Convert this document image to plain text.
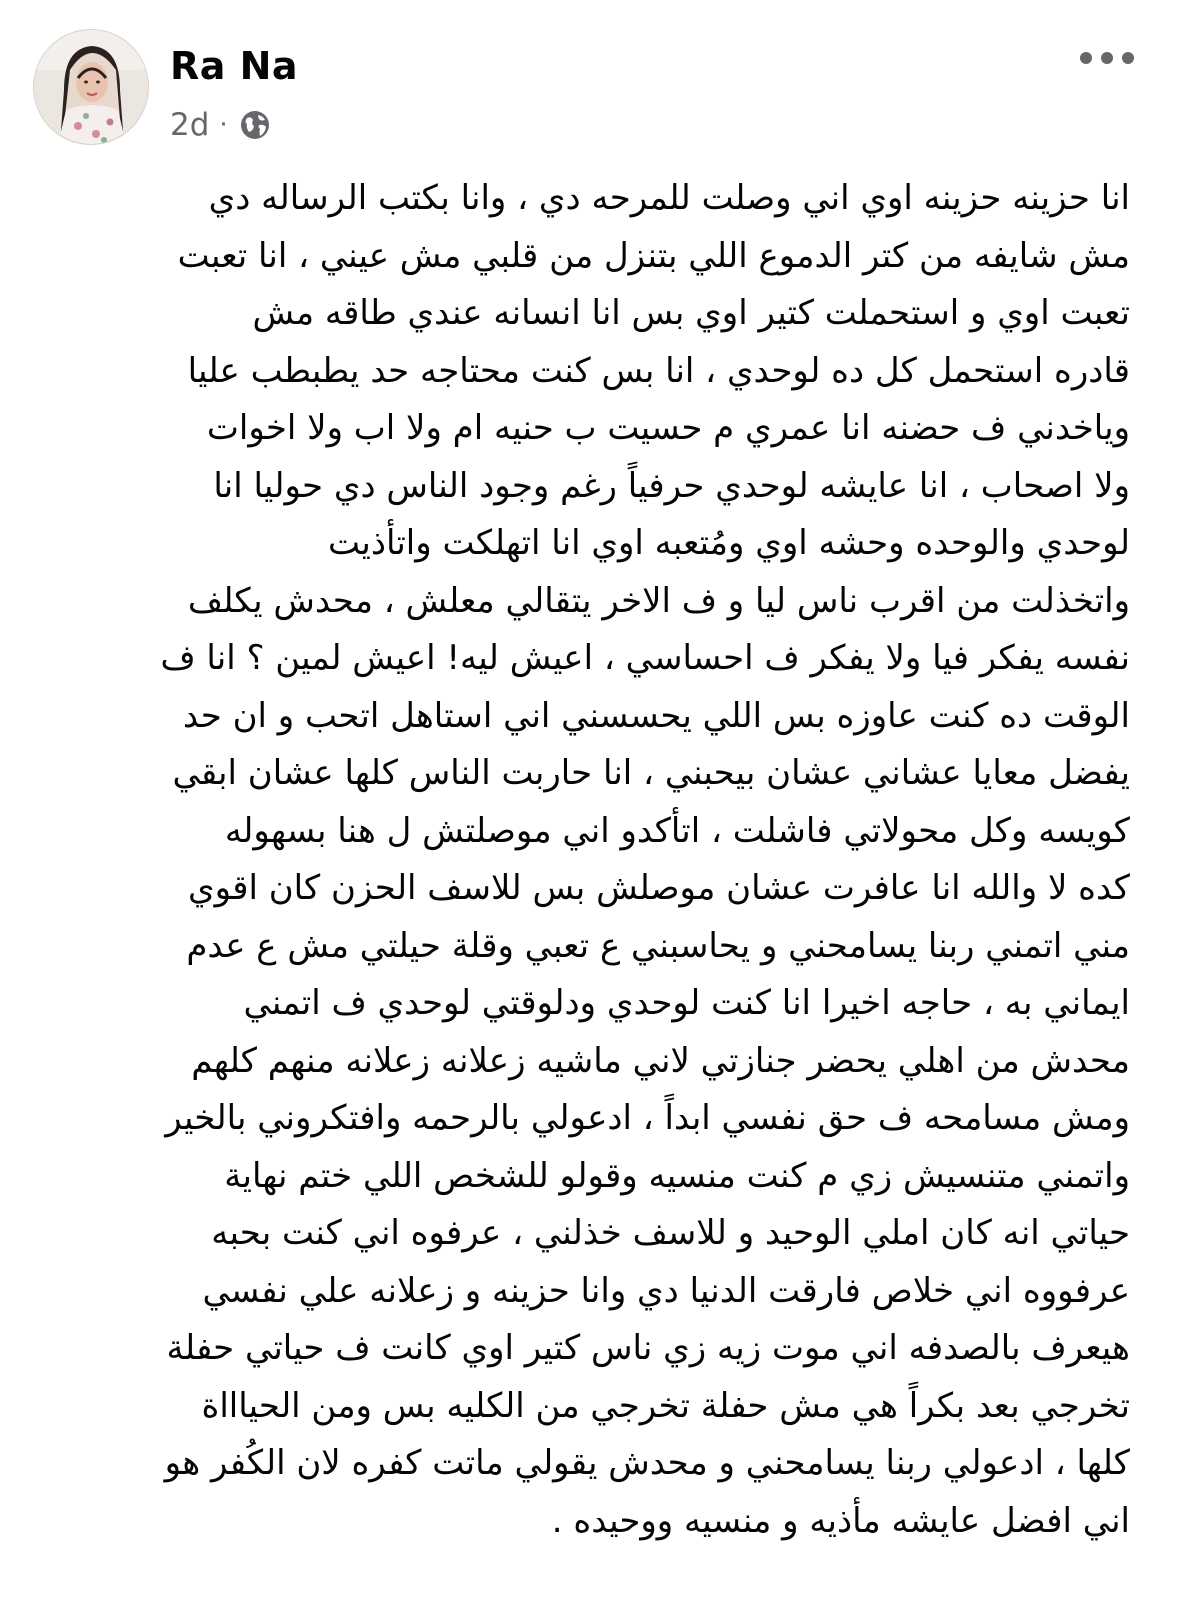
Ra Na
2d ·
انا حزينه حزينه اوي اني وصلت للمرحه دي ، وانا بكتب الرساله دي
مش شايفه من كتر الدموع اللي بتنزل من قلبي مش عيني ، انا تعبت
تعبت اوي و استحملت كتير اوي بس انا انسانه عندي طاقه مش
قادره استحمل كل ده لوحدي ، انا بس كنت محتاجه حد يطبطب عليا
وياخدني ف حضنه انا عمري م حسيت ب حنيه ام ولا اب ولا اخوات
ولا اصحاب ، انا عايشه لوحدي حرفياً رغم وجود الناس دي حوليا انا
لوحدي والوحده وحشه اوي ومُتعبه اوي انا اتهلكت واتأذيت
واتخذلت من اقرب ناس ليا و ف الاخر يتقالي معلش ، محدش يكلف
نفسه يفكر فيا ولا يفكر ف احساسي ، اعيش ليه! اعيش لمين ؟ انا ف
الوقت ده كنت عاوزه بس اللي يحسسني اني استاهل اتحب و ان حد
يفضل معايا عشاني عشان بيحبني ، انا حاربت الناس كلها عشان ابقي
كويسه وكل محولاتي فاشلت ، اتأكدو اني موصلتش ل هنا بسهوله
كده لا والله انا عافرت عشان موصلش بس للاسف الحزن كان اقوي
مني اتمني ربنا يسامحني و يحاسبني ع تعبي وقلة حيلتي مش ع عدم
ايماني به ، حاجه اخيرا انا كنت لوحدي ودلوقتي لوحدي ف اتمني
محدش من اهلي يحضر جنازتي لاني ماشيه زعلانه زعلانه منهم كلهم
ومش مسامحه ف حق نفسي ابداً ، ادعولي بالرحمه وافتكروني بالخير
واتمني متنسيش زي م كنت منسيه وقولو للشخص اللي ختم نهاية
حياتي انه كان املي الوحيد و للاسف خذلني ، عرفوه اني كنت بحبه
عرفووه اني خلاص فارقت الدنيا دي وانا حزينه و زعلانه علي نفسي
هيعرف بالصدفه اني موت زيه زي ناس كتير اوي كانت ف حياتي حفلة
تخرجي بعد بكراً هي مش حفلة تخرجي من الكليه بس ومن الحياااة
كلها ، ادعولي ربنا يسامحني و محدش يقولي ماتت كفره لان الكُفر هو
اني افضل عايشه مأذيه و منسيه ووحيده .
